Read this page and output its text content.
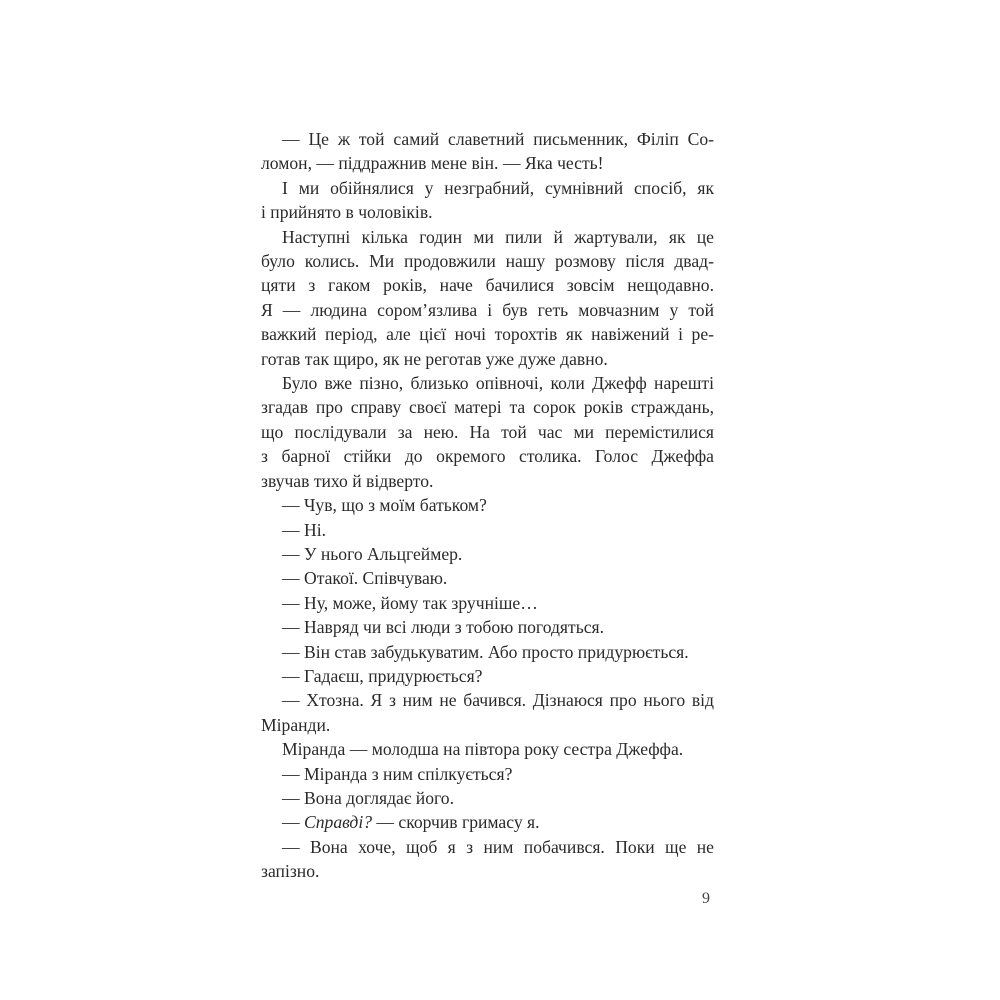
— Це ж той самий славетний письменник, Філіп Со-
ломон, — піддражнив мене він. — Яка честь!

І ми обійнялися у незграбний, сумнівний спосіб, як
і прийнято в чоловіків.

Наступні кілька годин ми пили й жартували, як це
було колись. Ми продовжили нашу розмову після двад-
цяти з гаком років, наче бачилися зовсім нещодавно.
Я — людина сором’язлива і був геть мовчазним у той
важкий період, але цієї ночі торохтів як навіжений і ре-
готав так щиро, як не реготав уже дуже давно.

Було вже пізно, близько опівночі, коли Джефф нарешті
згадав про справу своєї матері та сорок років страждань,
що послідували за нею. На той час ми перемістилися
з барної стійки до окремого столика. Голос Джеффа
звучав тихо й відверто.

— Чув, що з моїм батьком?

— Ні.

— У нього Альцгеймер.

— Отакої. Співчуваю.

— Ну, може, йому так зручніше…

— Навряд чи всі люди з тобою погодяться.

— Він став забудькуватим. Або просто придурюється.

— Гадаєш, придурюється?

— Хтозна. Я з ним не бачився. Дізнаюся про нього від
Міранди.

Міранда — молодша на півтора року сестра Джеффа.

— Міранда з ним спілкується?

— Вона доглядає його.

— Справді? — скорчив гримасу я.

— Вона хоче, щоб я з ним побачився. Поки ще не
запізно.

9
